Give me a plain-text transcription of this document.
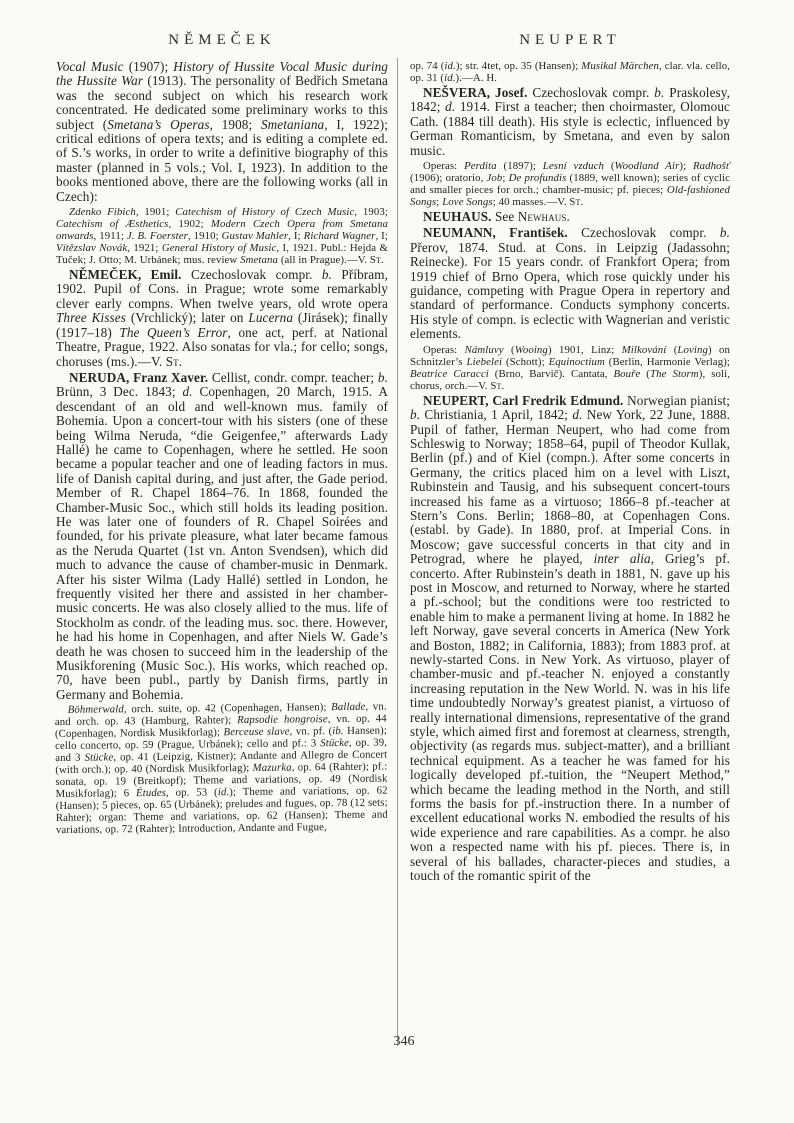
NĚMEČEK	NEUPERT

Vocal Music (1907); History of Hussite Vocal Music during the Hussite War (1913). The personality of Bedřich Smetana was the second subject on which his research work concentrated. He dedicated some preliminary works to this subject (Smetana’s Operas, 1908; Smetaniana, I, 1922); critical editions of opera texts; and is editing a complete ed. of S.’s works, in order to write a definitive biography of this master (planned in 5 vols.; Vol. I, 1923). In addition to the books mentioned above, there are the following works (all in Czech):

Zdenko Fibich, 1901; Catechism of History of Czech Music, 1903; Catechism of Æsthetics, 1902; Modern Czech Opera from Smetana onwards, 1911; J. B. Foerster, 1910; Gustav Mahler, I; Richard Wagner, I; Vítězslav Novák, 1921; General History of Music, I, 1921. Publ.: Hejda & Tuček; J. Otto; M. Urbánek; mus. review Smetana (all in Prague).—V. St.

NĚMEČEK, Emil. Czechoslovak compr. b. Příbram, 1902. Pupil of Cons. in Prague; wrote some remarkably clever early compns. When twelve years, old wrote opera Three Kisses (Vrchlický); later on Lucerna (Jirásek); finally (1917–18) The Queen’s Error, one act, perf. at National Theatre, Prague, 1922. Also sonatas for vla.; for cello; songs, choruses (ms.).—V. St.

NERUDA, Franz Xaver. Cellist, condr. compr. teacher; b. Brünn, 3 Dec. 1843; d. Copenhagen, 20 March, 1915. A descendant of an old and well-known mus. family of Bohemia. Upon a concert-tour with his sisters (one of these being Wilma Neruda, “die Geigenfee,” afterwards Lady Hallé) he came to Copenhagen, where he settled. He soon became a popular teacher and one of leading factors in mus. life of Danish capital during, and just after, the Gade period. Member of R. Chapel 1864–76. In 1868, founded the Chamber-Music Soc., which still holds its leading position. He was later one of founders of R. Chapel Soirées and founded, for his private pleasure, what later became famous as the Neruda Quartet (1st vn. Anton Svendsen), which did much to advance the cause of chamber-music in Denmark. After his sister Wilma (Lady Hallé) settled in London, he frequently visited her there and assisted in her chamber-music concerts. He was also closely allied to the mus. life of Stockholm as condr. of the leading mus. soc. there. However, he had his home in Copenhagen, and after Niels W. Gade’s death he was chosen to succeed him in the leadership of the Musikforening (Music Soc.). His works, which reached op. 70, have been publ., partly by Danish firms, partly in Germany and Bohemia.

Böhmerwald, orch. suite, op. 42 (Copenhagen, Hansen); Ballade, vn. and orch. op. 43 (Hamburg, Rahter); Rapsodie hongroise, vn. op. 44 (Copenhagen, Nordisk Musikforlag); Berceuse slave, vn. pf. (ib. Hansen); cello concerto, op. 59 (Prague, Urbánek); cello and pf.: 3 Stücke, op. 39, and 3 Stücke, op. 41 (Leipzig, Kistner); Andante and Allegro de Concert (with orch.); op. 40 (Nordisk Musikforlag); Mazurka, op. 64 (Rahter); pf.: sonata, op. 19 (Breitkopf); Theme and variations, op. 49 (Nordisk Musikforlag); 6 Études, op. 53 (id.); Theme and variations, op. 62 (Hansen); 5 pieces, op. 65 (Urbánek); preludes and fugues, op. 78 (12 sets; Rahter); organ: Theme and variations, op. 62 (Hansen); Theme and variations, op. 72 (Rahter); Introduction, Andante and Fugue,

op. 74 (id.); str. 4tet, op. 35 (Hansen); Musikal Märchen, clar. vla. cello, op. 31 (id.).—A. H.

NEŠVERA, Josef. Czechoslovak compr. b. Praskolesy, 1842; d. 1914. First a teacher; then choirmaster, Olomouc Cath. (1884 till death). His style is eclectic, influenced by German Romanticism, by Smetana, and even by salon music.

Operas: Perdita (1897); Lesní vzduch (Woodland Air); Radhošť (1906); oratorio, Job; De profundis (1889, well known); series of cyclic and smaller pieces for orch.; chamber-music; pf. pieces; Old-fashioned Songs; Love Songs; 40 masses.—V. St.

NEUHAUS. See Newhaus.

NEUMANN, František. Czechoslovak compr. b. Přerov, 1874. Stud. at Cons. in Leipzig (Jadassohn; Reinecke). For 15 years condr. of Frankfort Opera; from 1919 chief of Brno Opera, which rose quickly under his guidance, competing with Prague Opera in repertory and standard of performance. Conducts symphony concerts. His style of compn. is eclectic with Wagnerian and veristic elements.

Operas: Námluvy (Wooing) 1901, Linz; Milkování (Loving) on Schnitzler’s Liebelei (Schott); Equinoctium (Berlin, Harmonie Verlag); Beatrice Caracci (Brno, Barvič). Cantata, Bouře (The Storm), soli, chorus, orch.—V. St.

NEUPERT, Carl Fredrik Edmund. Norwegian pianist; b. Christiania, 1 April, 1842; d. New York, 22 June, 1888. Pupil of father, Herman Neupert, who had come from Schleswig to Norway; 1858–64, pupil of Theodor Kullak, Berlin (pf.) and of Kiel (compn.). After some concerts in Germany, the critics placed him on a level with Liszt, Rubinstein and Tausig, and his subsequent concert-tours increased his fame as a virtuoso; 1866–8 pf.-teacher at Stern’s Cons. Berlin; 1868–80, at Copenhagen Cons. (establ. by Gade). In 1880, prof. at Imperial Cons. in Moscow; gave successful concerts in that city and in Petrograd, where he played, inter alia, Grieg’s pf. concerto. After Rubinstein’s death in 1881, N. gave up his post in Moscow, and returned to Norway, where he started a pf.-school; but the conditions were too restricted to enable him to make a permanent living at home. In 1882 he left Norway, gave several concerts in America (New York and Boston, 1882; in California, 1883); from 1883 prof. at newly-started Cons. in New York. As virtuoso, player of chamber-music and pf.-teacher N. enjoyed a constantly increasing reputation in the New World. N. was in his life time undoubtedly Norway’s greatest pianist, a virtuoso of really international dimensions, representative of the grand style, which aimed first and foremost at clearness, strength, objectivity (as regards mus. subject-matter), and a brilliant technical equipment. As a teacher he was famed for his logically developed pf.-tuition, the “Neupert Method,” which became the leading method in the North, and still forms the basis for pf.-instruction there. In a number of excellent educational works N. embodied the results of his wide experience and rare capabilities. As a compr. he also won a respected name with his pf. pieces. There is, in several of his ballades, character-pieces and studies, a touch of the romantic spirit of the

346
